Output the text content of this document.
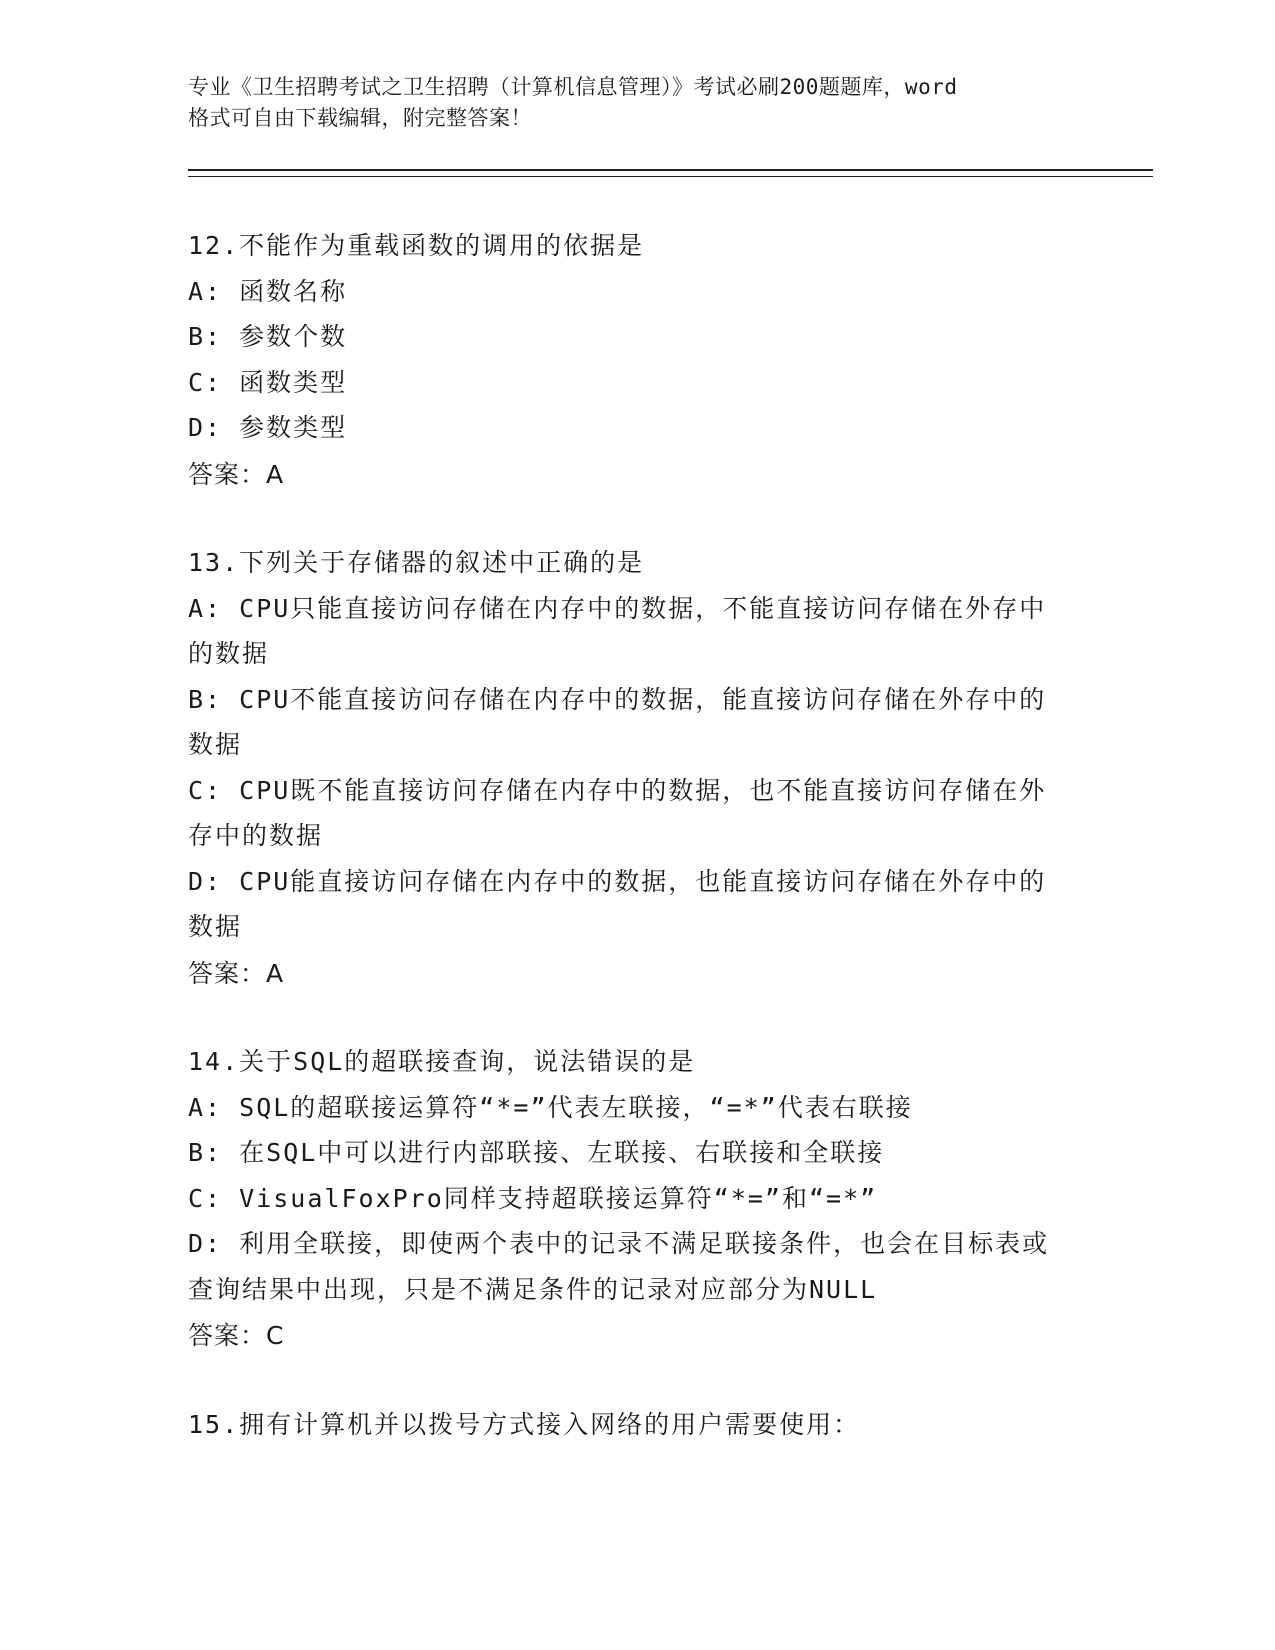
专业《卫生招聘考试之卫生招聘（计算机信息管理）》考试必刷200题题库，word
格式可自由下载编辑，附完整答案！
12.不能作为重载函数的调用的依据是
A: 函数名称
B: 参数个数
C: 函数类型
D: 参数类型
答案：A
13.下列关于存储器的叙述中正确的是
A: CPU只能直接访问存储在内存中的数据，不能直接访问存储在外存中的数据
B: CPU不能直接访问存储在内存中的数据，能直接访问存储在外存中的数据
C: CPU既不能直接访问存储在内存中的数据，也不能直接访问存储在外存中的数据
D: CPU能直接访问存储在内存中的数据，也能直接访问存储在外存中的数据
答案：A
14.关于SQL的超联接查询，说法错误的是
A: SQL的超联接运算符“*=”代表左联接，“=*”代表右联接
B: 在SQL中可以进行内部联接、左联接、右联接和全联接
C: VisualFoxPro同样支持超联接运算符“*=”和“=*”
D: 利用全联接，即使两个表中的记录不满足联接条件，也会在目标表或查询结果中出现，只是不满足条件的记录对应部分为NULL
答案：C
15.拥有计算机并以拨号方式接入网络的用户需要使用：
